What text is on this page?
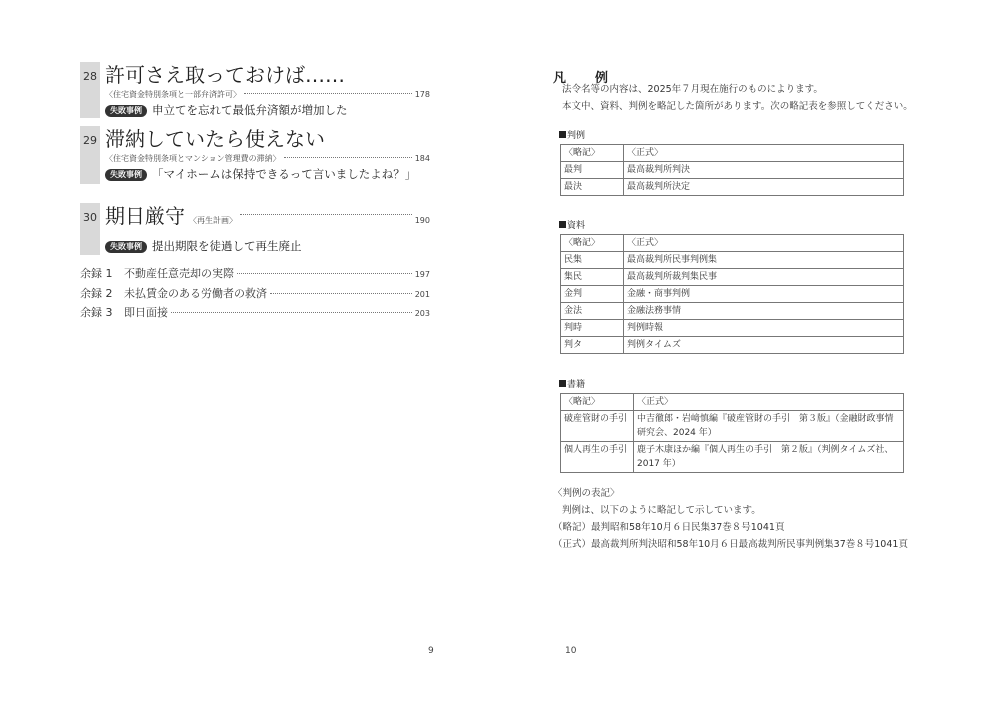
28 許可さえ取っておけば……
〈住宅資金特別条項と一部弁済許可〉	178
失敗事例 申立てを忘れて最低弁済額が増加した
29 滞納していたら使えない
〈住宅資金特別条項とマンション管理費の滞納〉	184
失敗事例 「マイホームは保持できるって言いましたよね？」
30 期日厳守 〈再生計画〉	190
失敗事例 提出期限を徒過して再生廃止
余録 1	不動産任意売却の実際	197
余録 2	未払賃金のある労働者の救済	201
余録 3	即日面接	203
9
凡　例
法令名等の内容は、2025年７月現在施行のものによります。
本文中、資料、判例を略記した箇所があります。次の略記表を参照してください。
判例
〈略記〉	〈正式〉
最判	最高裁判所判決
最決	最高裁判所決定
資料
〈略記〉	〈正式〉
民集	最高裁判所民事判例集
集民	最高裁判所裁判集民事
金判	金融・商事判例
金法	金融法務事情
判時	判例時報
判タ	判例タイムズ
書籍
〈略記〉	〈正式〉
破産管財の手引	中吉徹郎・岩﨑慎編『破産管財の手引　第３版』（金融財政事情研究会、2024 年）
個人再生の手引	鹿子木康ほか編『個人再生の手引　第２版』（判例タイムズ社、2017 年）
〈判例の表記〉
判例は、以下のように略記して示しています。
（略記）最判昭和58年10月６日民集37巻８号1041頁
（正式）最高裁判所判決昭和58年10月６日最高裁判所民事判例集37巻８号1041頁
10
